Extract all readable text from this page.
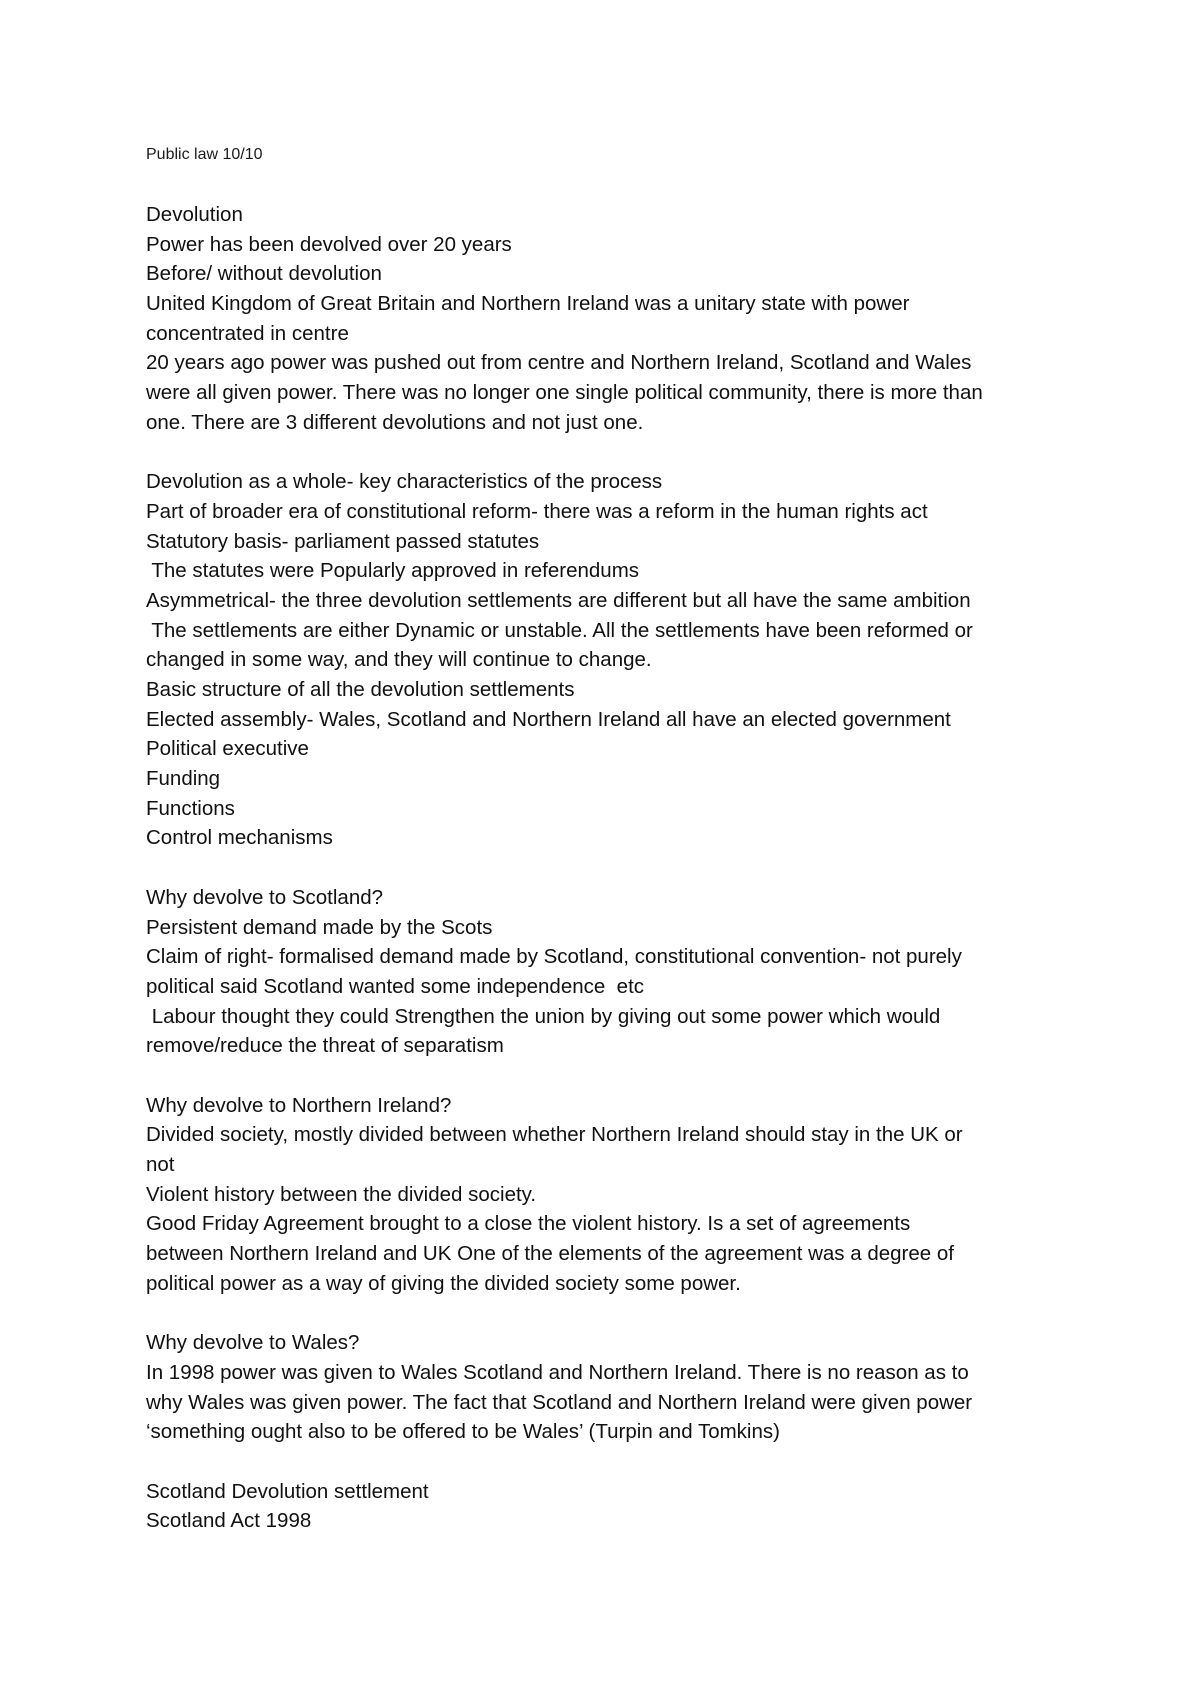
Public law 10/10
Devolution
Power has been devolved over 20 years
Before/ without devolution
United Kingdom of Great Britain and Northern Ireland was a unitary state with power
concentrated in centre
20 years ago power was pushed out from centre and Northern Ireland, Scotland and Wales
were all given power. There was no longer one single political community, there is more than
one. There are 3 different devolutions and not just one.
Devolution as a whole- key characteristics of the process
Part of broader era of constitutional reform- there was a reform in the human rights act
Statutory basis- parliament passed statutes
The statutes were Popularly approved in referendums
Asymmetrical- the three devolution settlements are different but all have the same ambition
The settlements are either Dynamic or unstable. All the settlements have been reformed or
changed in some way, and they will continue to change.
Basic structure of all the devolution settlements
Elected assembly- Wales, Scotland and Northern Ireland all have an elected government
Political executive
Funding
Functions
Control mechanisms
Why devolve to Scotland?
Persistent demand made by the Scots
Claim of right- formalised demand made by Scotland, constitutional convention- not purely
political said Scotland wanted some independence  etc
Labour thought they could Strengthen the union by giving out some power which would
remove/reduce the threat of separatism
Why devolve to Northern Ireland?
Divided society, mostly divided between whether Northern Ireland should stay in the UK or
not
Violent history between the divided society.
Good Friday Agreement brought to a close the violent history. Is a set of agreements
between Northern Ireland and UK One of the elements of the agreement was a degree of
political power as a way of giving the divided society some power.
Why devolve to Wales?
In 1998 power was given to Wales Scotland and Northern Ireland. There is no reason as to
why Wales was given power. The fact that Scotland and Northern Ireland were given power
‘something ought also to be offered to be Wales’ (Turpin and Tomkins)
Scotland Devolution settlement
Scotland Act 1998
